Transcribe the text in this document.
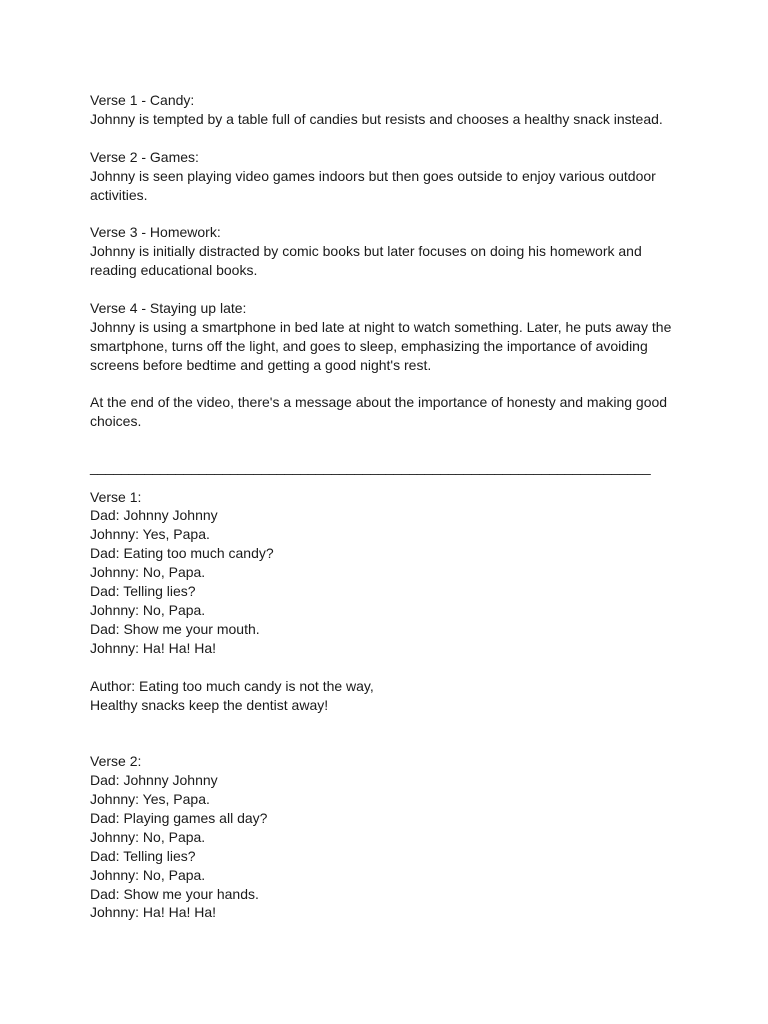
Verse 1 - Candy:
Johnny is tempted by a table full of candies but resists and chooses a healthy snack instead.
Verse 2 - Games:
Johnny is seen playing video games indoors but then goes outside to enjoy various outdoor activities.
Verse 3 - Homework:
Johnny is initially distracted by comic books but later focuses on doing his homework and reading educational books.
Verse 4 - Staying up late:
Johnny is using a smartphone in bed late at night to watch something. Later, he puts away the smartphone, turns off the light, and goes to sleep, emphasizing the importance of avoiding screens before bedtime and getting a good night's rest.
At the end of the video, there's a message about the importance of honesty and making good choices.
________________________________________________________________________
Verse 1:
Dad: Johnny Johnny
Johnny: Yes, Papa.
Dad: Eating too much candy?
Johnny: No, Papa.
Dad: Telling lies?
Johnny: No, Papa.
Dad: Show me your mouth.
Johnny: Ha! Ha! Ha!
Author: Eating too much candy is not the way,
Healthy snacks keep the dentist away!
Verse 2:
Dad: Johnny Johnny
Johnny: Yes, Papa.
Dad: Playing games all day?
Johnny: No, Papa.
Dad: Telling lies?
Johnny: No, Papa.
Dad: Show me your hands.
Johnny: Ha! Ha! Ha!
